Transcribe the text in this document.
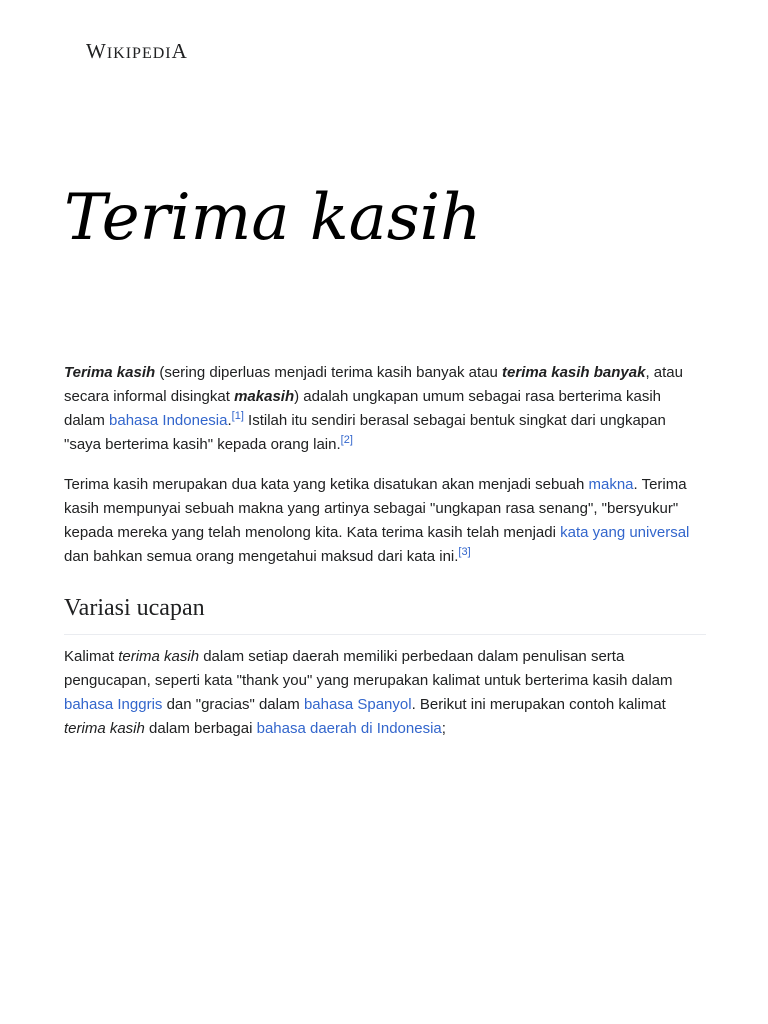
WIKIPEDIA
Terima kasih

Terima kasih (sering diperluas menjadi terima kasih banyak atau terima kasih banyak, atau secara informal disingkat makasih) adalah ungkapan umum sebagai rasa berterima kasih dalam bahasa Indonesia.[1] Istilah itu sendiri berasal sebagai bentuk singkat dari ungkapan "saya berterima kasih" kepada orang lain.[2]

Terima kasih merupakan dua kata yang ketika disatukan akan menjadi sebuah makna. Terima kasih mempunyai sebuah makna yang artinya sebagai "ungkapan rasa senang", "bersyukur" kepada mereka yang telah menolong kita. Kata terima kasih telah menjadi kata yang universal dan bahkan semua orang mengetahui maksud dari kata ini.[3]

Variasi ucapan

Kalimat terima kasih dalam setiap daerah memiliki perbedaan dalam penulisan serta pengucapan, seperti kata "thank you" yang merupakan kalimat untuk berterima kasih dalam bahasa Inggris dan "gracias" dalam bahasa Spanyol. Berikut ini merupakan contoh kalimat terima kasih dalam berbagai bahasa daerah di Indonesia;
